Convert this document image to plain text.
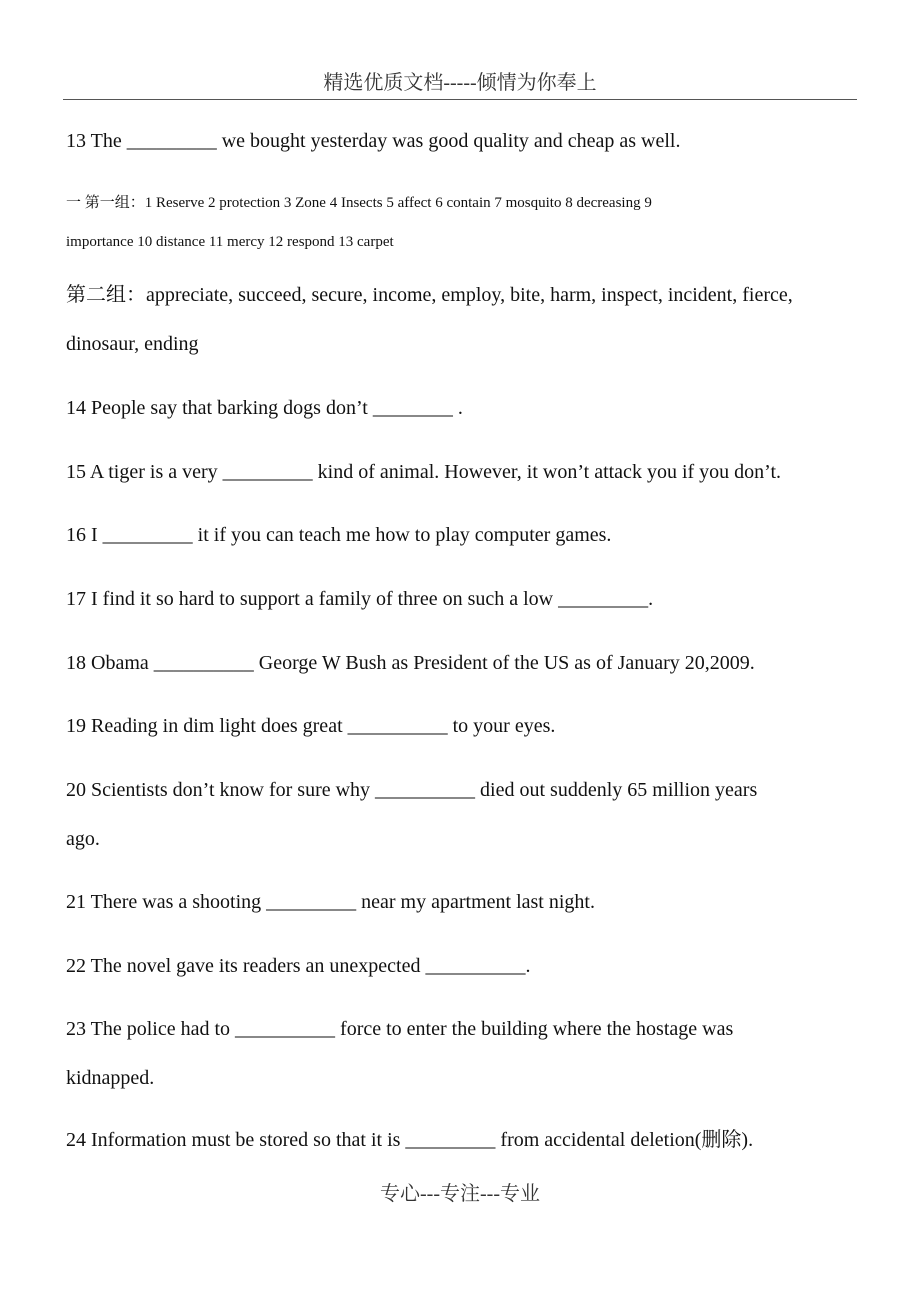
精选优质文档-----倾情为你奉上
13 The _________ we bought yesterday was good quality and cheap as well.
一 第一组：1 Reserve 2 protection 3 Zone 4 Insects 5 affect 6 contain 7 mosquito 8 decreasing 9
importance 10 distance 11 mercy 12 respond 13 carpet
第二组：appreciate, succeed, secure, income, employ, bite, harm, inspect, incident, fierce,
dinosaur, ending
14 People say that barking dogs don’t ________ .
15 A tiger is a very _________ kind of animal. However, it won’t attack you if you don’t.
16 I _________ it if you can teach me how to play computer games.
17 I find it so hard to support a family of three on such a low _________.
18 Obama __________ George W Bush as President of the US as of January 20,2009.
19 Reading in dim light does great __________ to your eyes.
20 Scientists don’t know for sure why __________ died out suddenly 65 million years
ago.
21 There was a shooting _________ near my apartment last night.
22 The novel gave its readers an unexpected __________.
23 The police had to __________ force to enter the building where the hostage was
kidnapped.
24 Information must be stored so that it is _________ from accidental deletion(删除).
专心---专注---专业
